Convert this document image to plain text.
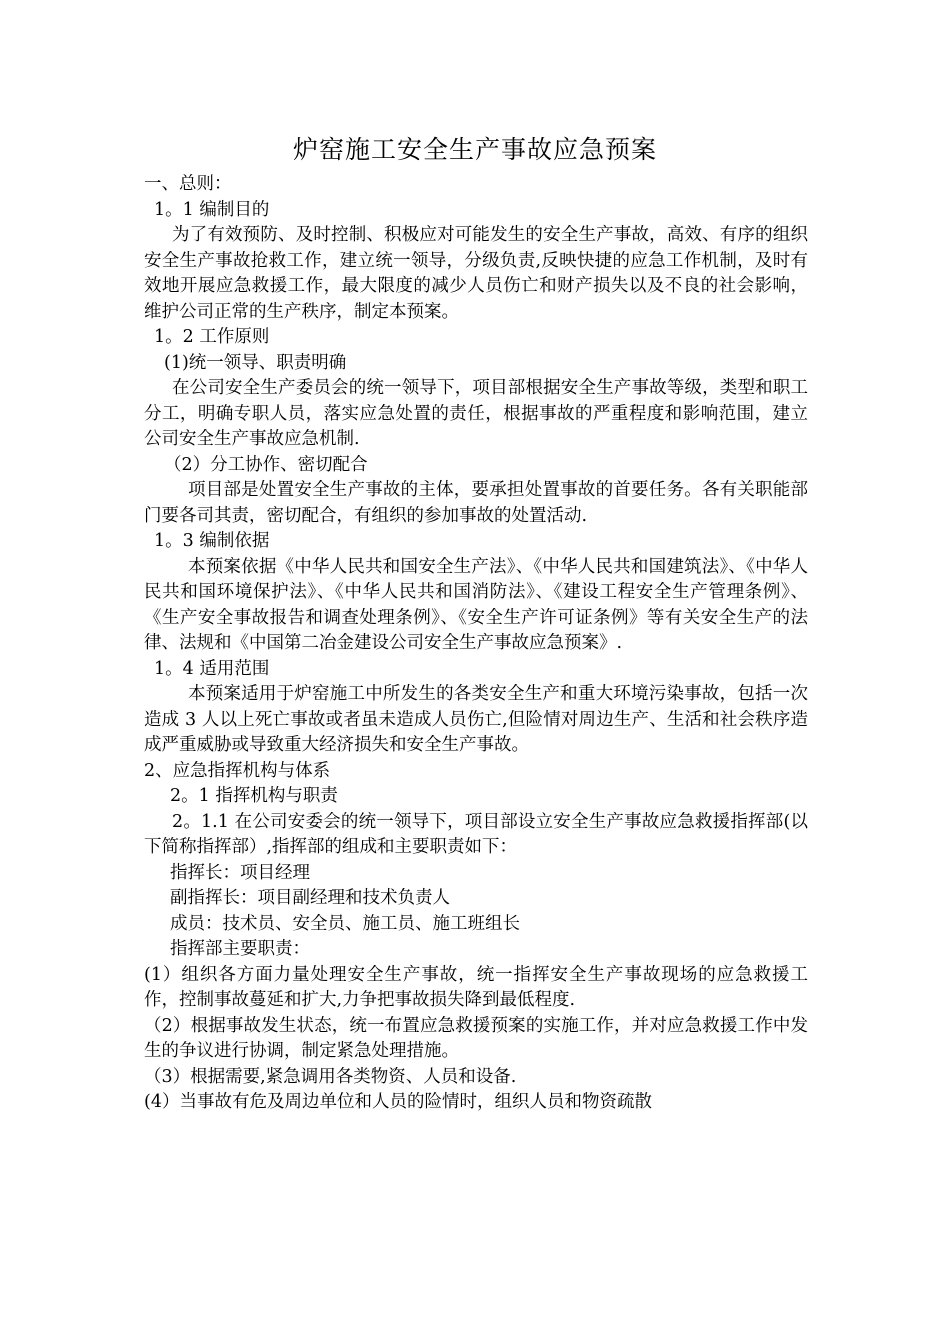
炉窑施工安全生产事故应急预案

一、总则：

1。1 编制目的

为了有效预防、及时控制、积极应对可能发生的安全生产事故，高效、有序的组织安全生产事故抢救工作，建立统一领导，分级负责,反映快捷的应急工作机制，及时有效地开展应急救援工作，最大限度的减少人员伤亡和财产损失以及不良的社会影响，维护公司正常的生产秩序，制定本预案。

1。2 工作原则

(1)统一领导、职责明确

在公司安全生产委员会的统一领导下，项目部根据安全生产事故等级，类型和职工分工，明确专职人员，落实应急处置的责任，根据事故的严重程度和影响范围，建立公司安全生产事故应急机制.

（2）分工协作、密切配合

项目部是处置安全生产事故的主体，要承担处置事故的首要任务。各有关职能部门要各司其责，密切配合，有组织的参加事故的处置活动.

1。3 编制依据

本预案依据《中华人民共和国安全生产法》、《中华人民共和国建筑法》、《中华人民共和国环境保护法》、《中华人民共和国消防法》、《建设工程安全生产管理条例》、《生产安全事故报告和调查处理条例》、《安全生产许可证条例》等有关安全生产的法律、法规和《中国第二冶金建设公司安全生产事故应急预案》.

1。4 适用范围

本预案适用于炉窑施工中所发生的各类安全生产和重大环境污染事故，包括一次造成 3 人以上死亡事故或者虽未造成人员伤亡,但险情对周边生产、生活和社会秩序造成严重威胁或导致重大经济损失和安全生产事故。

2、应急指挥机构与体系

2。1 指挥机构与职责

2。1.1 在公司安委会的统一领导下，项目部设立安全生产事故应急救援指挥部(以下简称指挥部）,指挥部的组成和主要职责如下：

指挥长：项目经理

副指挥长：项目副经理和技术负责人

成员：技术员、安全员、施工员、施工班组长

指挥部主要职责：

(1）组织各方面力量处理安全生产事故，统一指挥安全生产事故现场的应急救援工作，控制事故蔓延和扩大,力争把事故损失降到最低程度.

（2）根据事故发生状态，统一布置应急救援预案的实施工作，并对应急救援工作中发生的争议进行协调，制定紧急处理措施。

（3）根据需要,紧急调用各类物资、人员和设备.

(4）当事故有危及周边单位和人员的险情时，组织人员和物资疏散
